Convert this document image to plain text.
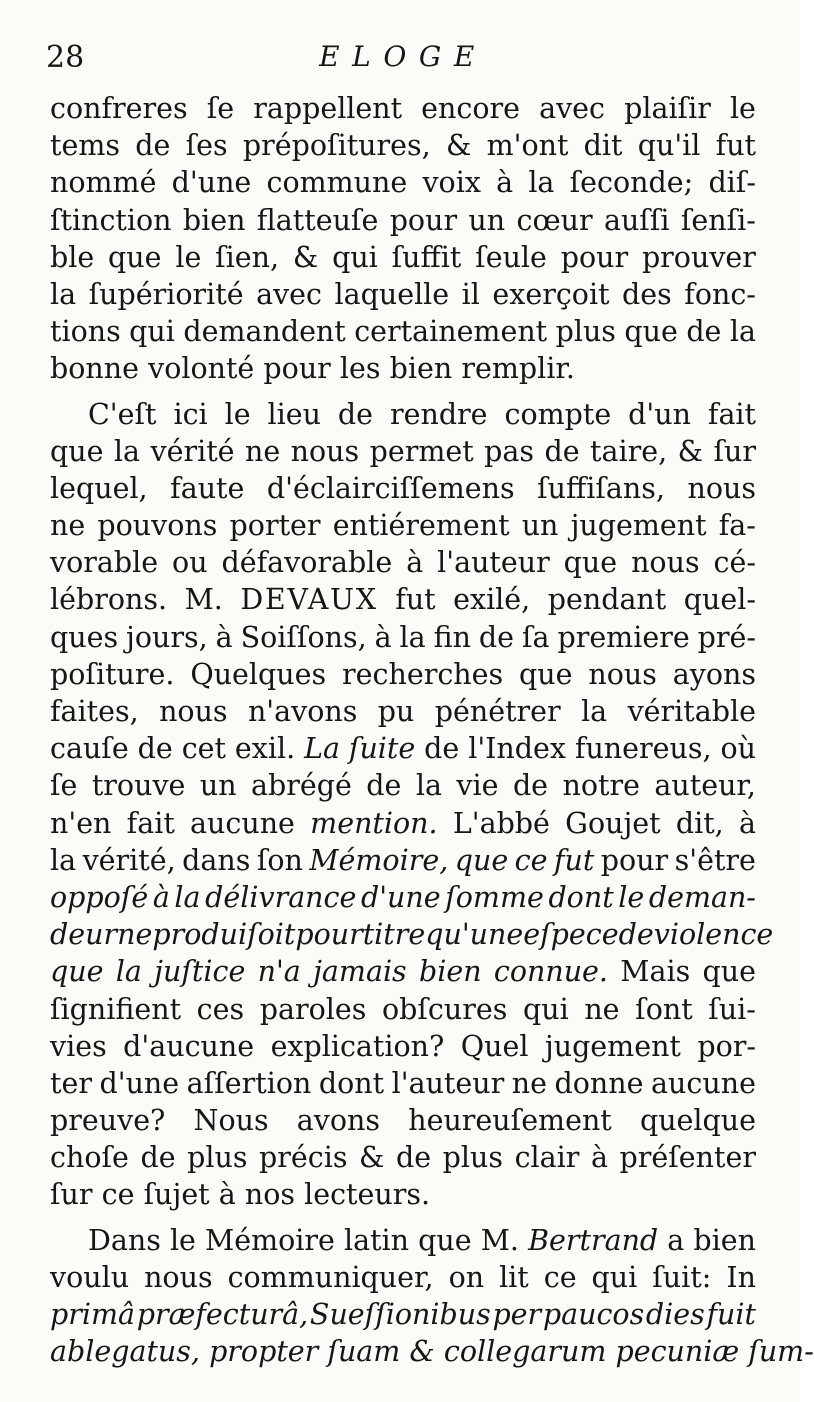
28	ELOGE
confreres ſe rappellent encore avec plaiſir le
tems de ſes prépoſitures, & m'ont dit qu'il fut
nommé d'une commune voix à la ſeconde; diſ-
ſtinction bien flatteuſe pour un cœur auſſi ſenſi-
ble que le ſien, & qui ſuffit ſeule pour prouver
la ſupériorité avec laquelle il exerçoit des fonc-
tions qui demandent certainement plus que de la
bonne volonté pour les bien remplir.
C'eſt ici le lieu de rendre compte d'un fait
que la vérité ne nous permet pas de taire, & ſur
lequel, faute d'éclairciſſemens ſuffiſans, nous
ne pouvons porter entiérement un jugement fa-
vorable ou défavorable à l'auteur que nous cé-
lébrons. M. DEVAUX fut exilé, pendant quel-
ques jours, à Soiſſons, à la fin de ſa premiere pré-
poſiture. Quelques recherches que nous ayons
faites, nous n'avons pu pénétrer la véritable
cauſe de cet exil. La ſuite de l'Index funereus, où
ſe trouve un abrégé de la vie de notre auteur,
n'en fait aucune mention. L'abbé Goujet dit, à
la vérité, dans ſon Mémoire, que ce fut pour s'être
oppoſé à la délivrance d'une ſomme dont le deman-
deur ne produiſoit pour titre qu'une eſpece de violence
que la juſtice n'a jamais bien connue. Mais que
ſignifient ces paroles obſcures qui ne ſont ſui-
vies d'aucune explication? Quel jugement por-
ter d'une aſſertion dont l'auteur ne donne aucune
preuve? Nous avons heureuſement quelque
choſe de plus précis & de plus clair à préſenter
ſur ce ſujet à nos lecteurs.
Dans le Mémoire latin que M. Bertrand a bien
voulu nous communiquer, on lit ce qui ſuit: In
primâ præfecturâ, Sueſſionibus per paucos dies fuit
ablegatus, propter ſuam & collegarum pecuniæ ſum-
